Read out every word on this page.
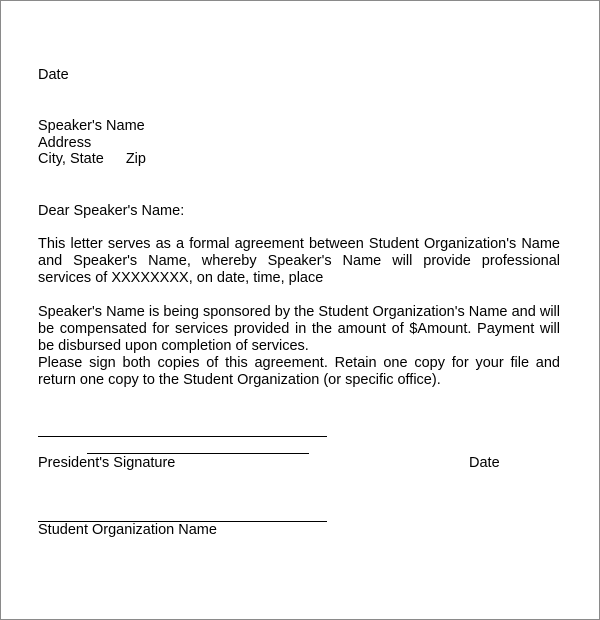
Date
Speaker's Name
Address
City, State Zip
Dear Speaker's Name:
This letter serves as a formal agreement between Student Organization's Name and Speaker's Name, whereby Speaker's Name will provide professional services of XXXXXXXX, on date, time, place
Speaker's Name is being sponsored by the Student Organization's Name and will be compensated for services provided in the amount of $Amount. Payment will be disbursed upon completion of services.
Please sign both copies of this agreement. Retain one copy for your file and return one copy to the Student Organization (or specific office).
President's Signature	Date
Student Organization Name
